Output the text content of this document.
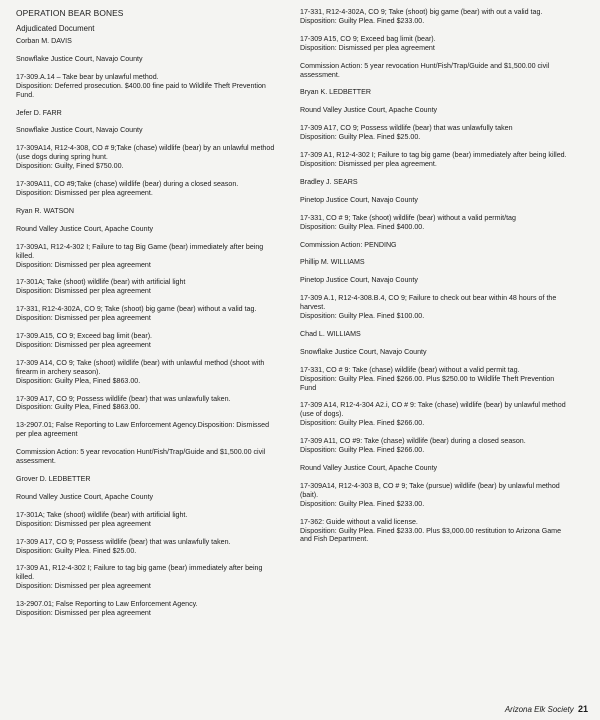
OPERATION BEAR BONES
Adjudicated Document
Corban M. DAVIS
Snowflake Justice Court, Navajo County
17-309.A.14 – Take bear by unlawful method.
Disposition: Deferred prosecution. $400.00 fine paid to Wildlife Theft Prevention Fund.
Jefer D. FARR
Snowflake Justice Court, Navajo County
17-309A14, R12-4-308, CO # 9;Take (chase) wildlife (bear) by an unlawful method (use dogs during spring hunt.
Disposition: Guilty, Fined $750.00.
17-309A11, CO #9;Take (chase) wildlife (bear) during a closed season.
Disposition: Dismissed per plea agreement.
Ryan R. WATSON
Round Valley Justice Court, Apache County
17-309A1, R12-4-302 I; Failure to tag Big Game (bear) immediately after being killed.
Disposition: Dismissed per plea agreement
17-301A; Take (shoot) wildlife (bear) with artificial light
Disposition: Dismissed per plea agreement
17-331, R12-4-302A, CO 9; Take (shoot) big game (bear) without a valid tag.
Disposition: Dismissed per plea agreement
17-309.A15, CO 9; Exceed bag limit (bear).
Disposition: Dismissed per plea agreement
17-309 A14, CO 9; Take (shoot) wildlife (bear) with unlawful method (shoot with firearm in archery season).
Disposition: Guilty Plea, Fined $863.00.
17-309 A17, CO 9; Possess wildlife (bear) that was unlawfully taken.
Disposition: Guilty Plea, Fined $863.00.
13-2907.01; False Reporting to Law Enforcement Agency.Disposition: Dismissed per plea agreement
Commission Action: 5 year revocation Hunt/Fish/Trap/Guide and $1,500.00 civil assessment.
Grover D. LEDBETTER
Round Valley Justice Court, Apache County
17-301A; Take (shoot) wildlife (bear) with artificial light.
Disposition: Dismissed per plea agreement
17-309 A17, CO 9; Possess wildlife (bear) that was unlawfully taken.
Disposition: Guilty Plea. Fined $25.00.
17-309 A1, R12-4-302 I; Failure to tag big game (bear) immediately after being killed.
Disposition: Dismissed per plea agreement
13-2907.01; False Reporting to Law Enforcement Agency.
Disposition: Dismissed per plea agreement
17-331, R12-4-302A, CO 9; Take (shoot) big game (bear) with out a valid tag.
Disposition: Guilty Plea. Fined $233.00.
17-309 A15, CO 9; Exceed bag limit (bear).
Disposition: Dismissed per plea agreement
Commission Action: 5 year revocation Hunt/Fish/Trap/Guide and $1,500.00 civil assessment.
Bryan K. LEDBETTER
Round Valley Justice Court, Apache County
17-309 A17, CO 9; Possess wildlife (bear) that was unlawfully taken
Disposition: Guilty Plea. Fined $25.00.
17-309 A1, R12-4-302 I; Failure to tag big game (bear) immediately after being killed.
Disposition: Dismissed per plea agreement.
Bradley J. SEARS
Pinetop Justice Court, Navajo County
17-331, CO # 9; Take (shoot) wildlife (bear) without a valid permit/tag
Disposition: Guilty Plea. Fined $400.00.
Commission Action: PENDING
Phillip M. WILLIAMS
Pinetop Justice Court, Navajo County
17-309 A.1, R12-4-308.B.4, CO 9; Failure to check out bear within 48 hours of the harvest.
Disposition: Guilty Plea. Fined $100.00.
Chad L. WILLIAMS
Snowflake Justice Court, Navajo County
17-331, CO # 9: Take (chase) wildlife (bear) without a valid permit tag.
Disposition: Guilty Plea. Fined $266.00. Plus $250.00 to Wildlife Theft Prevention Fund
17-309 A14, R12-4-304 A2.i, CO # 9: Take (chase) wildlife (bear) by unlawful method (use of dogs).
Disposition: Guilty Plea. Fined $266.00.
17-309 A11, CO #9: Take (chase) wildlife (bear) during a closed season.
Disposition: Guilty Plea. Fined $266.00.
Round Valley Justice Court, Apache County
17-309A14, R12-4-303 B, CO # 9; Take (pursue) wildlife (bear) by unlawful method (bait).
Disposition: Guilty Plea. Fined $233.00.
17-362: Guide without a valid license.
Disposition: Guilty Plea. Fined $233.00. Plus $3,000.00 restitution to Arizona Game and Fish Department.
Arizona Elk Society 21
